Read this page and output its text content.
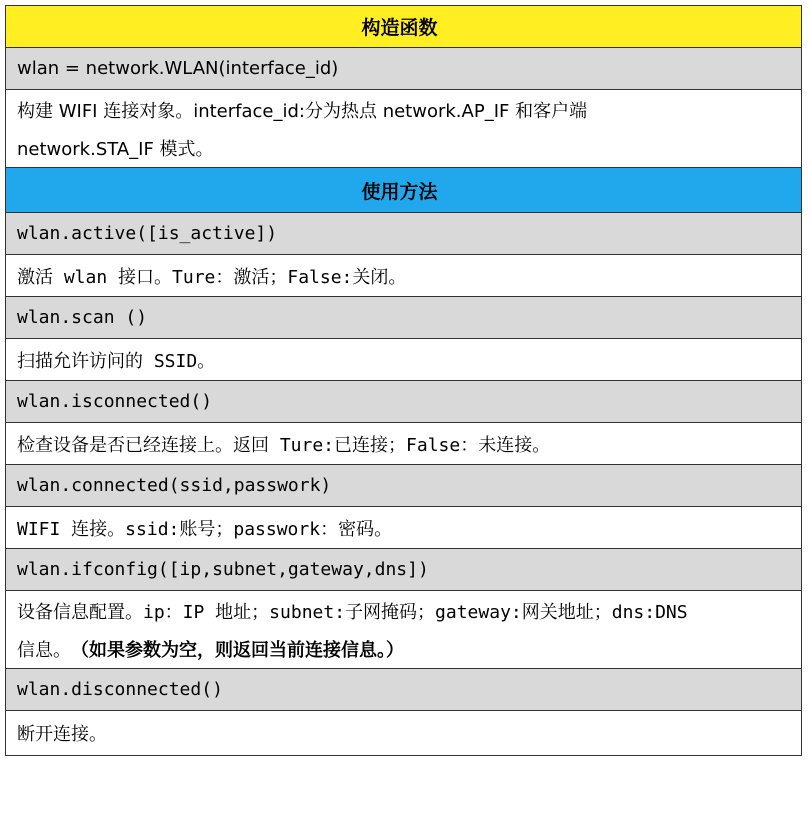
构造函数
wlan = network.WLAN(interface_id)
构建 WIFI 连接对象。interface_id:分为热点 network.AP_IF 和客户端
network.STA_IF 模式。
使用方法
wlan.active([is_active])
激活 wlan 接口。Ture：激活；False:关闭。
wlan.scan ()
扫描允许访问的 SSID。
wlan.isconnected()
检查设备是否已经连接上。返回 Ture:已连接；False：未连接。
wlan.connected(ssid,passwork)
WIFI 连接。ssid:账号；passwork：密码。
wlan.ifconfig([ip,subnet,gateway,dns])
设备信息配置。ip：IP 地址；subnet:子网掩码；gateway:网关地址；dns:DNS
信息。 （如果参数为空，则返回当前连接信息。）
wlan.disconnected()
断开连接。
